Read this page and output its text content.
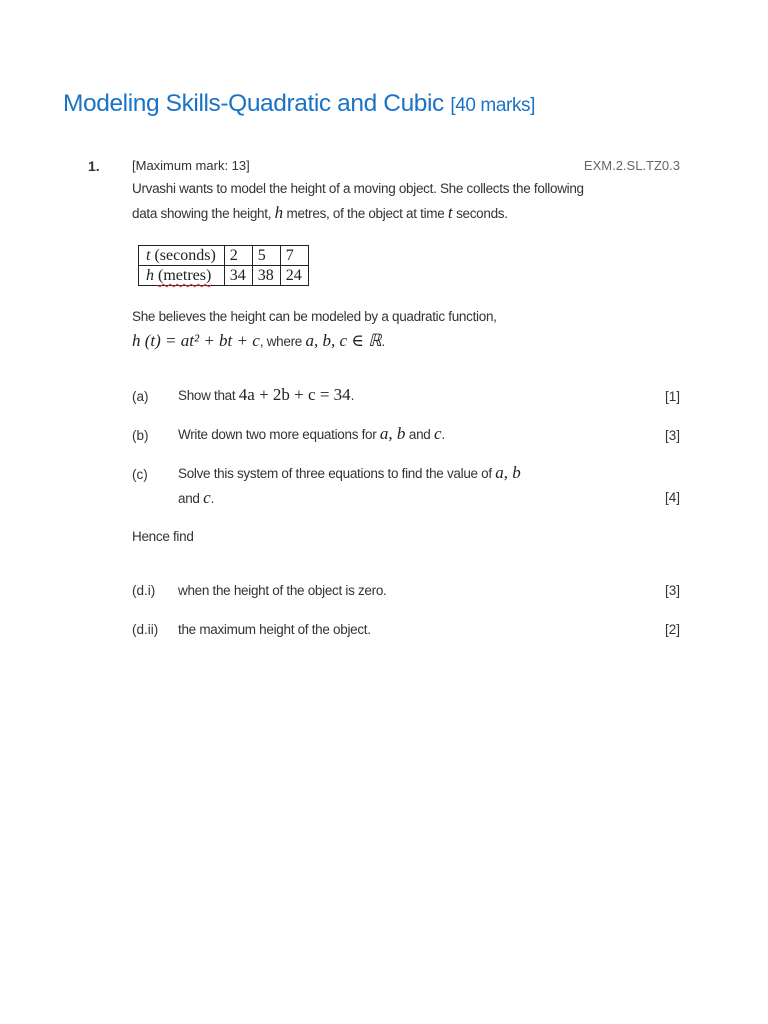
Modeling Skills-Quadratic and Cubic [40 marks]
1. [Maximum mark: 13]	EXM.2.SL.TZ0.3
Urvashi wants to model the height of a moving object. She collects the following
data showing the height, h metres, of the object at time t seconds.
t (seconds)	2	5	7
h (metres)	34	38	24
She believes the height can be modeled by a quadratic function,
h (t) = at² + bt + c, where a, b, c ∈ ℝ.
(a) Show that 4a + 2b + c = 34.	[1]
(b) Write down two more equations for a, b and c.	[3]
(c) Solve this system of three equations to find the value of a, b
and c.	[4]
Hence find
(d.i) when the height of the object is zero.	[3]
(d.ii) the maximum height of the object.	[2]
